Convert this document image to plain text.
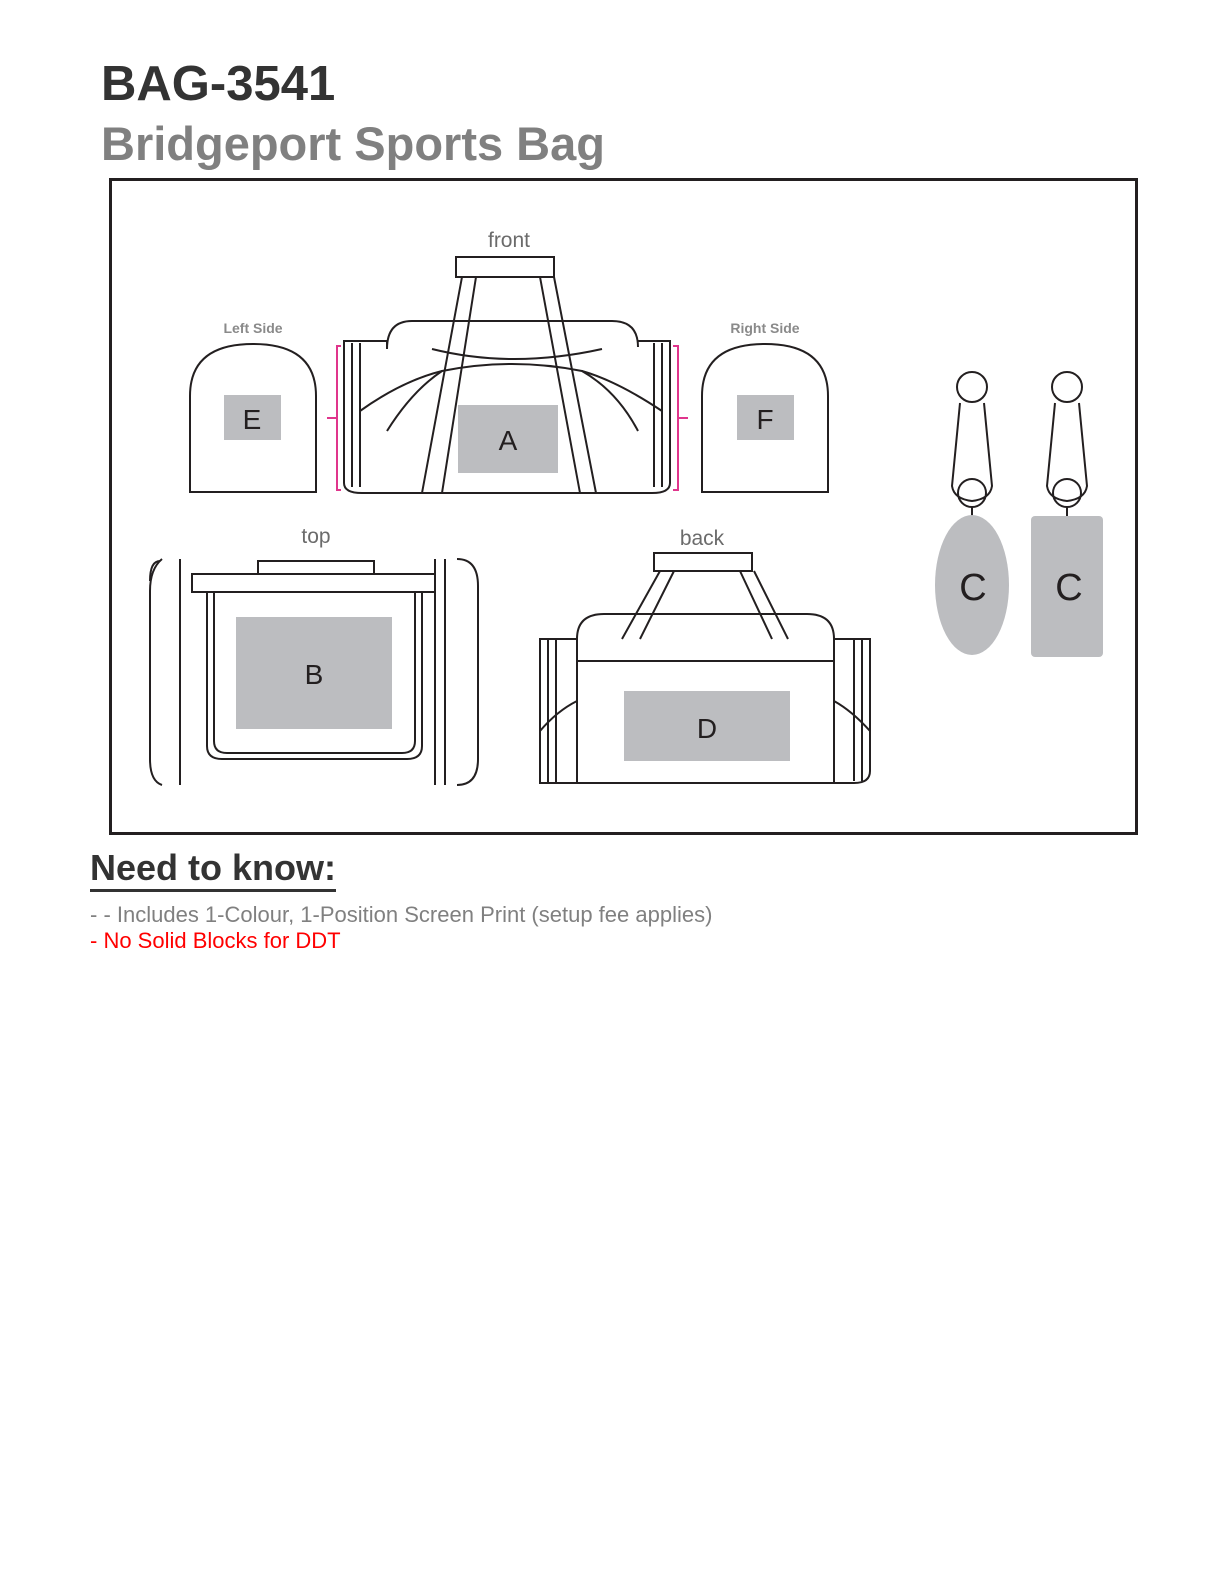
BAG-3541
Bridgeport Sports Bag
front
Left Side	Right Side
top	back
A
B
D
E	F
C C
Need to know:
- - Includes 1-Colour, 1-Position Screen Print (setup fee applies)
- No Solid Blocks for DDT
